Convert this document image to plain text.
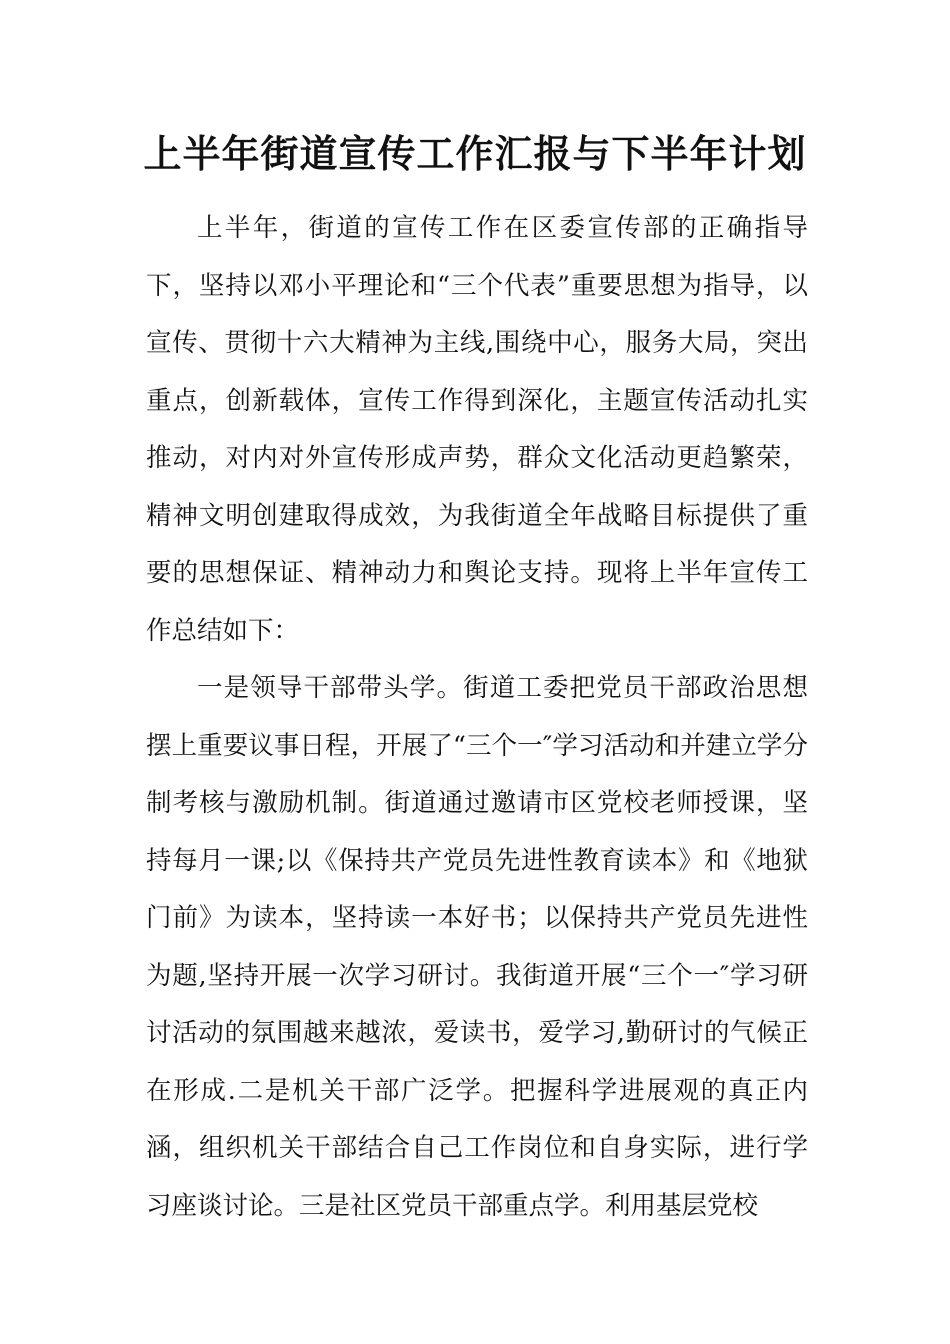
上半年街道宣传工作汇报与下半年计划

上半年，街道的宣传工作在区委宣传部的正确指导下，坚持以邓小平理论和“三个代表”重要思想为指导，以宣传、贯彻十六大精神为主线,围绕中心，服务大局，突出重点，创新载体，宣传工作得到深化，主题宣传活动扎实推动，对内对外宣传形成声势，群众文化活动更趋繁荣，精神文明创建取得成效，为我街道全年战略目标提供了重要的思想保证、精神动力和舆论支持。现将上半年宣传工作总结如下：

一是领导干部带头学。街道工委把党员干部政治思想摆上重要议事日程，开展了“三个一″学习活动和并建立学分制考核与激励机制。街道通过邀请市区党校老师授课，坚持每月一课;以《保持共产党员先进性教育读本》和《地狱门前》为读本，坚持读一本好书；以保持共产党员先进性为题,坚持开展一次学习研讨。我街道开展“三个一″学习研讨活动的氛围越来越浓，爱读书，爱学习,勤研讨的气候正在形成.二是机关干部广泛学。把握科学进展观的真正内涵，组织机关干部结合自己工作岗位和自身实际，进行学习座谈讨论。三是社区党员干部重点学。利用基层党校
